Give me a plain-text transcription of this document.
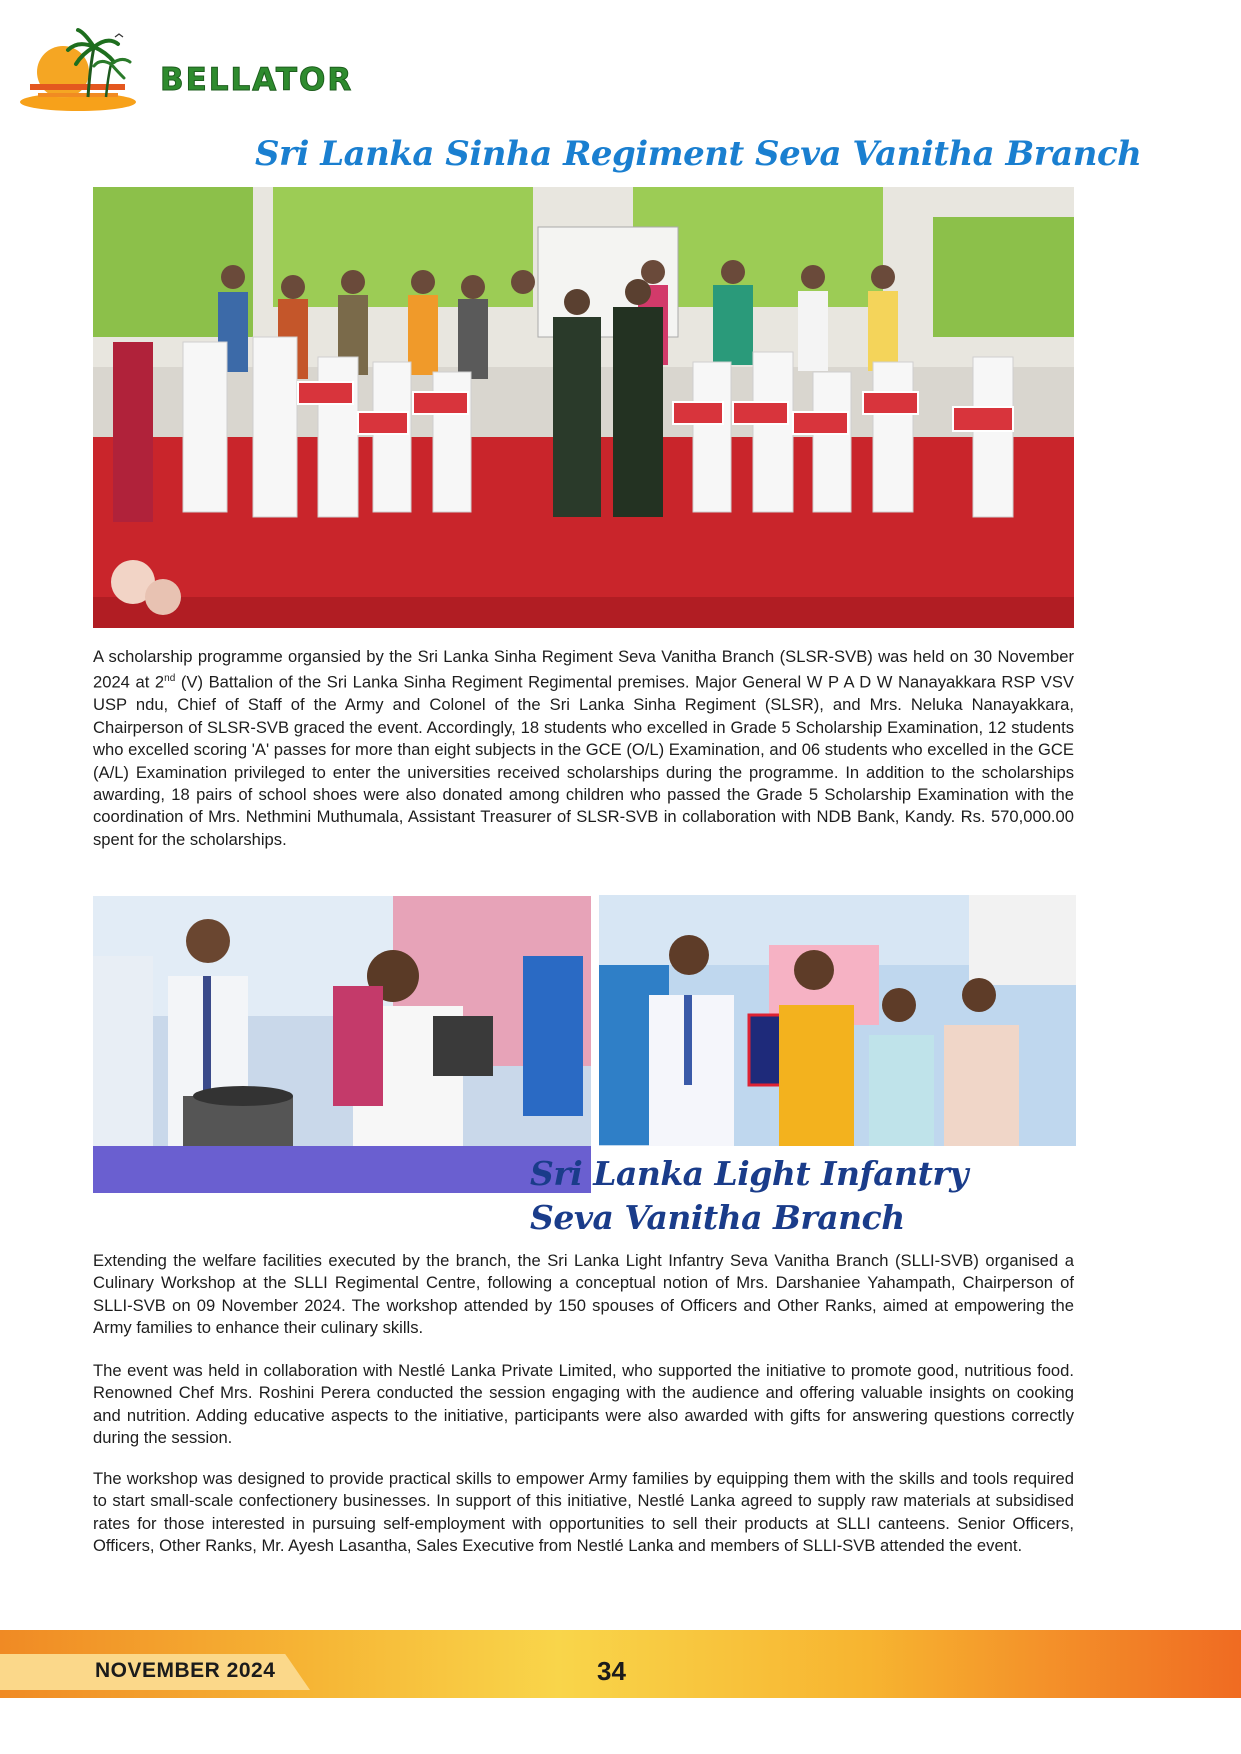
BELLATOR
Sri Lanka Sinha Regiment Seva Vanitha Branch

A scholarship programme organsied by the Sri Lanka Sinha Regiment Seva Vanitha Branch (SLSR-SVB) was held on 30 November 2024 at 2nd (V) Battalion of the Sri Lanka Sinha Regiment Regimental premises. Major General W P A D W Nanayakkara RSP VSV USP ndu, Chief of Staff of the Army and Colonel of the Sri Lanka Sinha Regiment (SLSR), and Mrs. Neluka Nanayakkara, Chairperson of SLSR-SVB graced the event. Accordingly, 18 students who excelled in Grade 5 Scholarship Examination, 12 students who excelled scoring 'A' passes for more than eight subjects in the GCE (O/L) Examination, and 06 students who excelled in the GCE (A/L) Examination privileged to enter the universities received scholarships during the programme. In addition to the scholarships awarding, 18 pairs of school shoes were also donated among children who passed the Grade 5 Scholarship Examination with the coordination of Mrs. Nethmini Muthumala, Assistant Treasurer of SLSR-SVB in collaboration with NDB Bank, Kandy. Rs. 570,000.00 spent for the scholarships.

Sri Lanka Light Infantry
Seva Vanitha Branch

Extending the welfare facilities executed by the branch, the Sri Lanka Light Infantry Seva Vanitha Branch (SLLI-SVB) organised a Culinary Workshop at the SLLI Regimental Centre, following a conceptual notion of Mrs. Darshaniee Yahampath, Chairperson of SLLI-SVB on 09 November 2024. The workshop attended by 150 spouses of Officers and Other Ranks, aimed at empowering the Army families to enhance their culinary skills.

The event was held in collaboration with Nestlé Lanka Private Limited, who supported the initiative to promote good, nutritious food. Renowned Chef Mrs. Roshini Perera conducted the session engaging with the audience and offering valuable insights on cooking and nutrition. Adding educative aspects to the initiative, participants were also awarded with gifts for answering questions correctly during the session.

The workshop was designed to provide practical skills to empower Army families by equipping them with the skills and tools required to start small-scale confectionery businesses. In support of this initiative, Nestlé Lanka agreed to supply raw materials at subsidised rates for those interested in pursuing self-employment with opportunities to sell their products at SLLI canteens. Senior Officers, Officers, Other Ranks, Mr. Ayesh Lasantha, Sales Executive from Nestlé Lanka and members of SLLI-SVB attended the event.

NOVEMBER 2024	34
